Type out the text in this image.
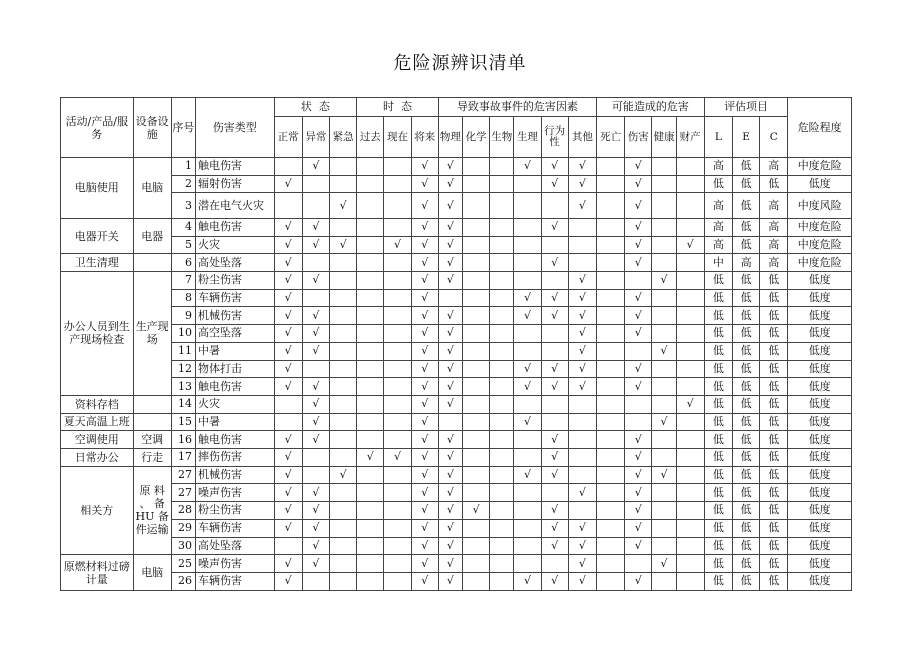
危险源辨识清单
活动/产品/服务	设备设施	序号	伤害类型	状  态			时  态			导致事故事件的危害因素						可能造成的危害				评估项目			危险程度
				正常	异常	紧急	过去	现在	将来	物理	化学	生物	生理	行为性	其他	死亡	伤害	健康	财产	L	E	C	
电脑使用	电脑	1	触电伤害		√				√	√			√	√	√		√			高	低	高	中度危险
		2	辐射伤害	√					√	√				√	√		√			低	低	低	低度
		3	潜在电气火灾			√			√	√					√		√			高	低	高	中度风险
电器开关	电器	4	触电伤害	√	√				√	√				√			√			高	低	高	中度危险
		5	火灾	√	√	√		√	√	√							√		√	高	低	高	中度危险
卫生清理		6	高处坠落	√					√	√				√			√			中	高	高	中度危险
办公人员到生产现场检查	生产现场	7	粉尘伤害	√	√				√	√					√			√		低	低	低	低度
		8	车辆伤害	√					√				√	√	√		√			低	低	低	低度
		9	机械伤害	√	√				√	√			√	√	√		√			低	低	低	低度
		10	高空坠落	√	√				√	√					√		√			低	低	低	低度
		11	中暑	√	√				√	√					√			√		低	低	低	低度
		12	物体打击	√					√	√			√	√	√		√			低	低	低	低度
		13	触电伤害	√	√				√	√			√	√	√		√			低	低	低	低度
资料存档		14	火灾		√				√	√									√	低	低	低	低度
夏天高温上班		15	中暑		√				√				√					√		低	低	低	低度
空调使用	空调	16	触电伤害	√	√				√	√				√			√			低	低	低	低度
日常办公	行走	17	摔伤伤害	√			√	√	√	√				√			√			低	低	低	低度
相关方	原 料 、 备 HU 备 件运输	27	机械伤害	√		√			√	√			√	√			√	√		低	低	低	低度
		27	噪声伤害	√	√				√	√					√		√			低	低	低	低度
		28	粉尘伤害	√	√				√	√	√			√			√			低	低	低	低度
		29	车辆伤害	√	√				√	√				√	√		√			低	低	低	低度
		30	高处坠落		√				√	√				√	√		√			低	低	低	低度
原燃材料过磅计量	电脑	25	噪声伤害	√	√				√	√					√			√		低	低	低	低度
		26	车辆伤害	√					√	√			√	√	√		√			低	低	低	低度
